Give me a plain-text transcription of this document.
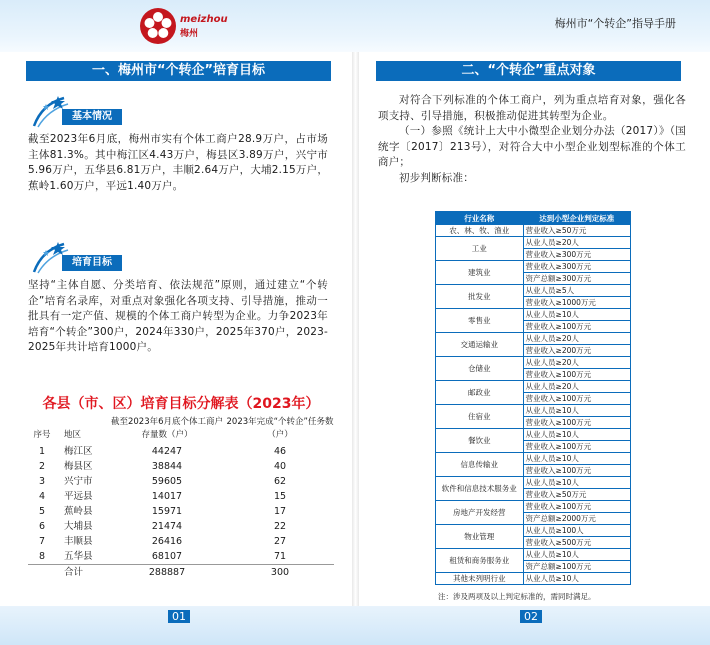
meizhou
梅州
梅州市“个转企”指导手册
一、梅州市“个转企”培育目标
基本情况

截至2023年6月底，梅州市实有个体工商户28.9万户，占市场主体81.3%。其中梅江区4.43万户，梅县区3.89万户，兴宁市5.96万户，五华县6.81万户，丰顺2.64万户，大埔2.15万户，蕉岭1.60万户，平远1.40万户。

培育目标

坚持“主体自愿、分类培育、依法规范”原则，通过建立“个转企”培育名录库，对重点对象强化各项支持、引导措施，推动一批具有一定产值、规模的个体工商户转型为企业。力争2023年培育“个转企”300户，2024年330户，2025年370户，2023-2025年共计培育1000户。

各县（市、区）培育目标分解表（2023年）
序号	地区	截至2023年6月底个体工商户存量数（户）	2023年完成“个转企”任务数（户）
1	梅江区	44247	46
2	梅县区	38844	40
3	兴宁市	59605	62
4	平远县	14017	15
5	蕉岭县	15971	17
6	大埔县	21474	22
7	丰顺县	26416	27
8	五华县	68107	71
	合计	288887	300
二、“个转企”重点对象
对符合下列标准的个体工商户，列为重点培育对象，强化各项支持、引导措施，积极推动促进其转型为企业。
（一）参照《统计上大中小微型企业划分办法（2017）》（国统字〔2017〕213号），对符合大中小型企业划型标准的个体工商户；
初步判断标准：
行业名称	达到小型企业判定标准
农、林、牧、渔业	营业收入≥50万元
工业	从业人员≥20人
	营业收入≥300万元
建筑业	营业收入≥300万元
	资产总额≥300万元
批发业	从业人员≥5人
	营业收入≥1000万元
零售业	从业人员≥10人
	营业收入≥100万元
交通运输业	从业人员≥20人
	营业收入≥200万元
仓储业	从业人员≥20人
	营业收入≥100万元
邮政业	从业人员≥20人
	营业收入≥100万元
住宿业	从业人员≥10人
	营业收入≥100万元
餐饮业	从业人员≥10人
	营业收入≥100万元
信息传输业	从业人员≥10人
	营业收入≥100万元
软件和信息技术服务业	从业人员≥10人
	营业收入≥50万元
房地产开发经营	营业收入≥100万元
	资产总额≥2000万元
物业管理	从业人员≥100人
	营业收入≥500万元
租赁和商务服务业	从业人员≥10人
	资产总额≥100万元
其他未列明行业	从业人员≥10人
注：涉及两项及以上判定标准的，需同时满足。
01	02
